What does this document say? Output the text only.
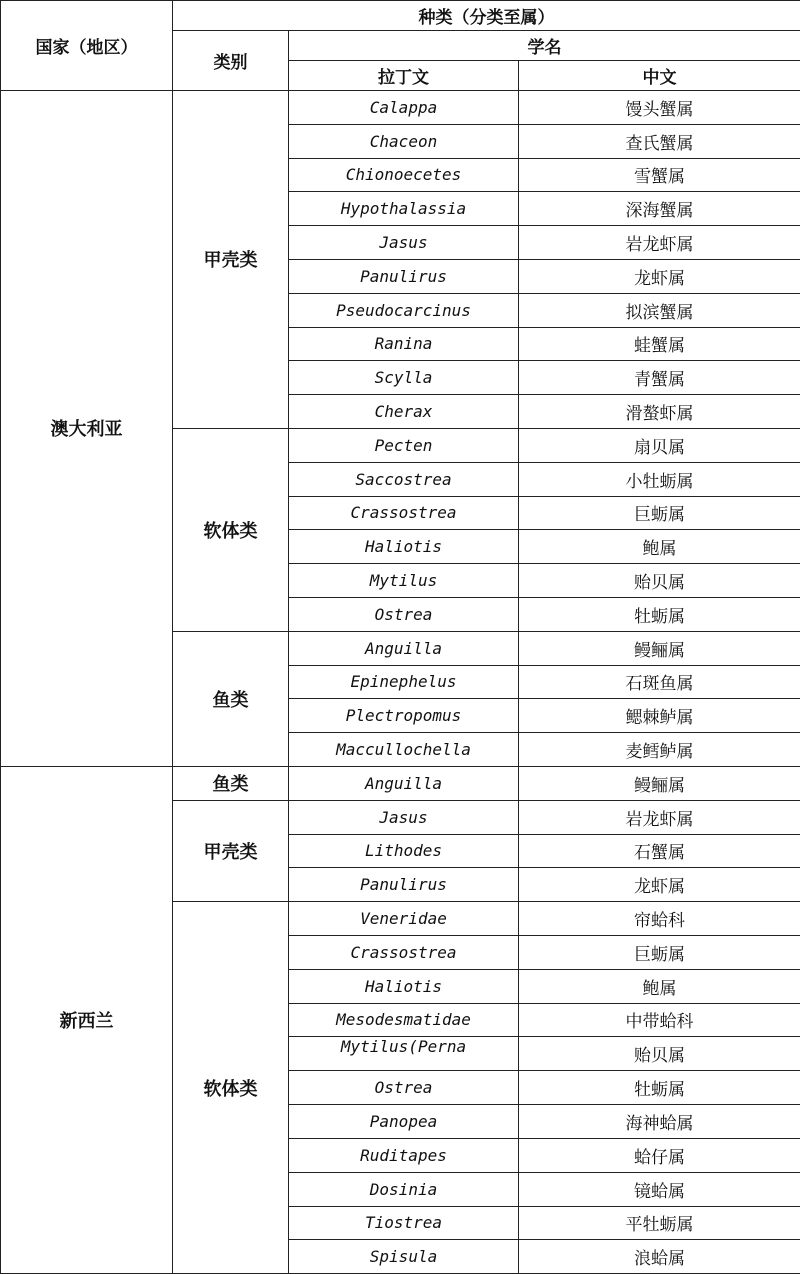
国家（地区）	种类（分类至属）		
	类别	学名	
		拉丁文	中文
澳大利亚	甲壳类	Calappa	馒头蟹属
		Chaceon	查氏蟹属
		Chionoecetes	雪蟹属
		Hypothalassia	深海蟹属
		Jasus	岩龙虾属
		Panulirus	龙虾属
		Pseudocarcinus	拟滨蟹属
		Ranina	蛙蟹属
		Scylla	青蟹属
		Cherax	滑螯虾属
	软体类	Pecten	扇贝属
		Saccostrea	小牡蛎属
		Crassostrea	巨蛎属
		Haliotis	鲍属
		Mytilus	贻贝属
		Ostrea	牡蛎属
	鱼类	Anguilla	鳗鲡属
		Epinephelus	石斑鱼属
		Plectropomus	鳃棘鲈属
		Maccullochella	麦鳕鲈属
新西兰	鱼类	Anguilla	鳗鲡属
	甲壳类	Jasus	岩龙虾属
		Lithodes	石蟹属
		Panulirus	龙虾属
	软体类	Veneridae	帘蛤科
		Crassostrea	巨蛎属
		Haliotis	鲍属
		Mesodesmatidae	中带蛤科

		Mytilus(Perna	贻贝属
		Ostrea	牡蛎属
		Panopea	海神蛤属
		Ruditapes	蛤仔属
		Dosinia	镜蛤属
		Tiostrea	平牡蛎属
		Spisula	浪蛤属
